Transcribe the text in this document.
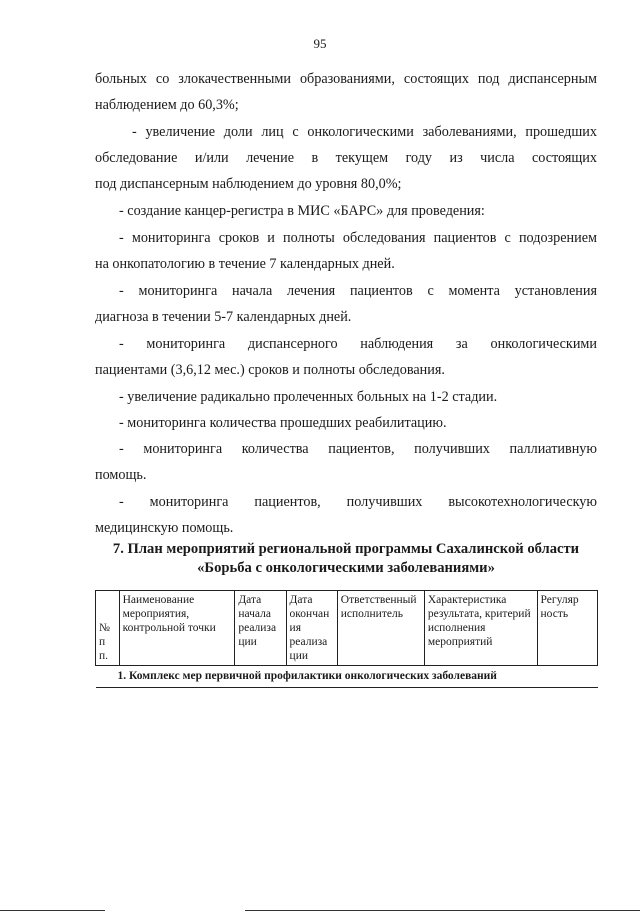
95

больных со злокачественными образованиями, состоящих под диспансерным

наблюдением до 60,3%;

- увеличение доли лиц с онкологическими заболеваниями, прошедших

обследование и/или лечение в текущем году из числа состоящих

под диспансерным наблюдением до уровня 80,0%;

- создание канцер-регистра в МИС «БАРС» для проведения:

- мониторинга сроков и полноты обследования пациентов с подозрением

на онкопатологию в течение 7 календарных дней.

- мониторинга начала лечения пациентов с момента установления

диагноза в течении 5-7 календарных дней.

- мониторинга диспансерного наблюдения за онкологическими

пациентами (3,6,12 мес.) сроков и полноты обследования.

- увеличение радикально пролеченных больных на 1-2 стадии.

- мониторинга количества прошедших реабилитацию.

- мониторинга количества пациентов, получивших паллиативную

помощь.

- мониторинга пациентов, получивших высокотехнологическую

медицинскую помощь.

7. План мероприятий региональной программы Сахалинской области
«Борьба с онкологическими заболеваниями»
№ п п.	Наименование мероприятия, контрольной точки	Дата начала реализа ции	Дата окончан ия реализа ции	Ответственный исполнитель	Характеристика результата, критерий исполнения мероприятий	Регуляр ность
1. Комплекс мер первичной профилактики онкологических заболеваний
